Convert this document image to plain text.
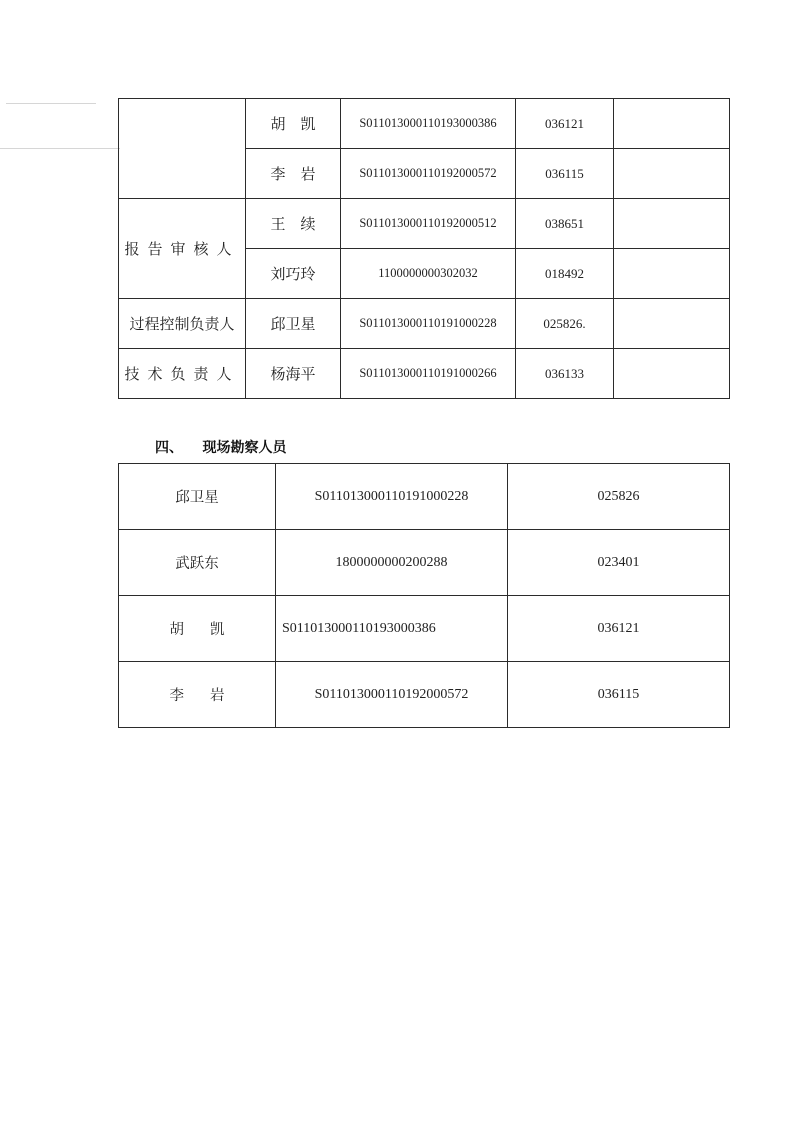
	胡　凯	S011013000110193000386	036121	
	李　岩	S011013000110192000572	036115	
报告审核人	王　续	S011013000110192000512	038651	
	刘巧玲	1100000000302032	018492	
过程控制负责人	邱卫星	S011013000110191000228	025826.	
技术负责人	杨海平	S011013000110191000266	036133	
四、 现场勘察人员
邱卫星	S011013000110191000228	025826
武跃东	1800000000200288	023401
胡凯	S011013000110193000386	036121
李岩	S011013000110192000572	036115
